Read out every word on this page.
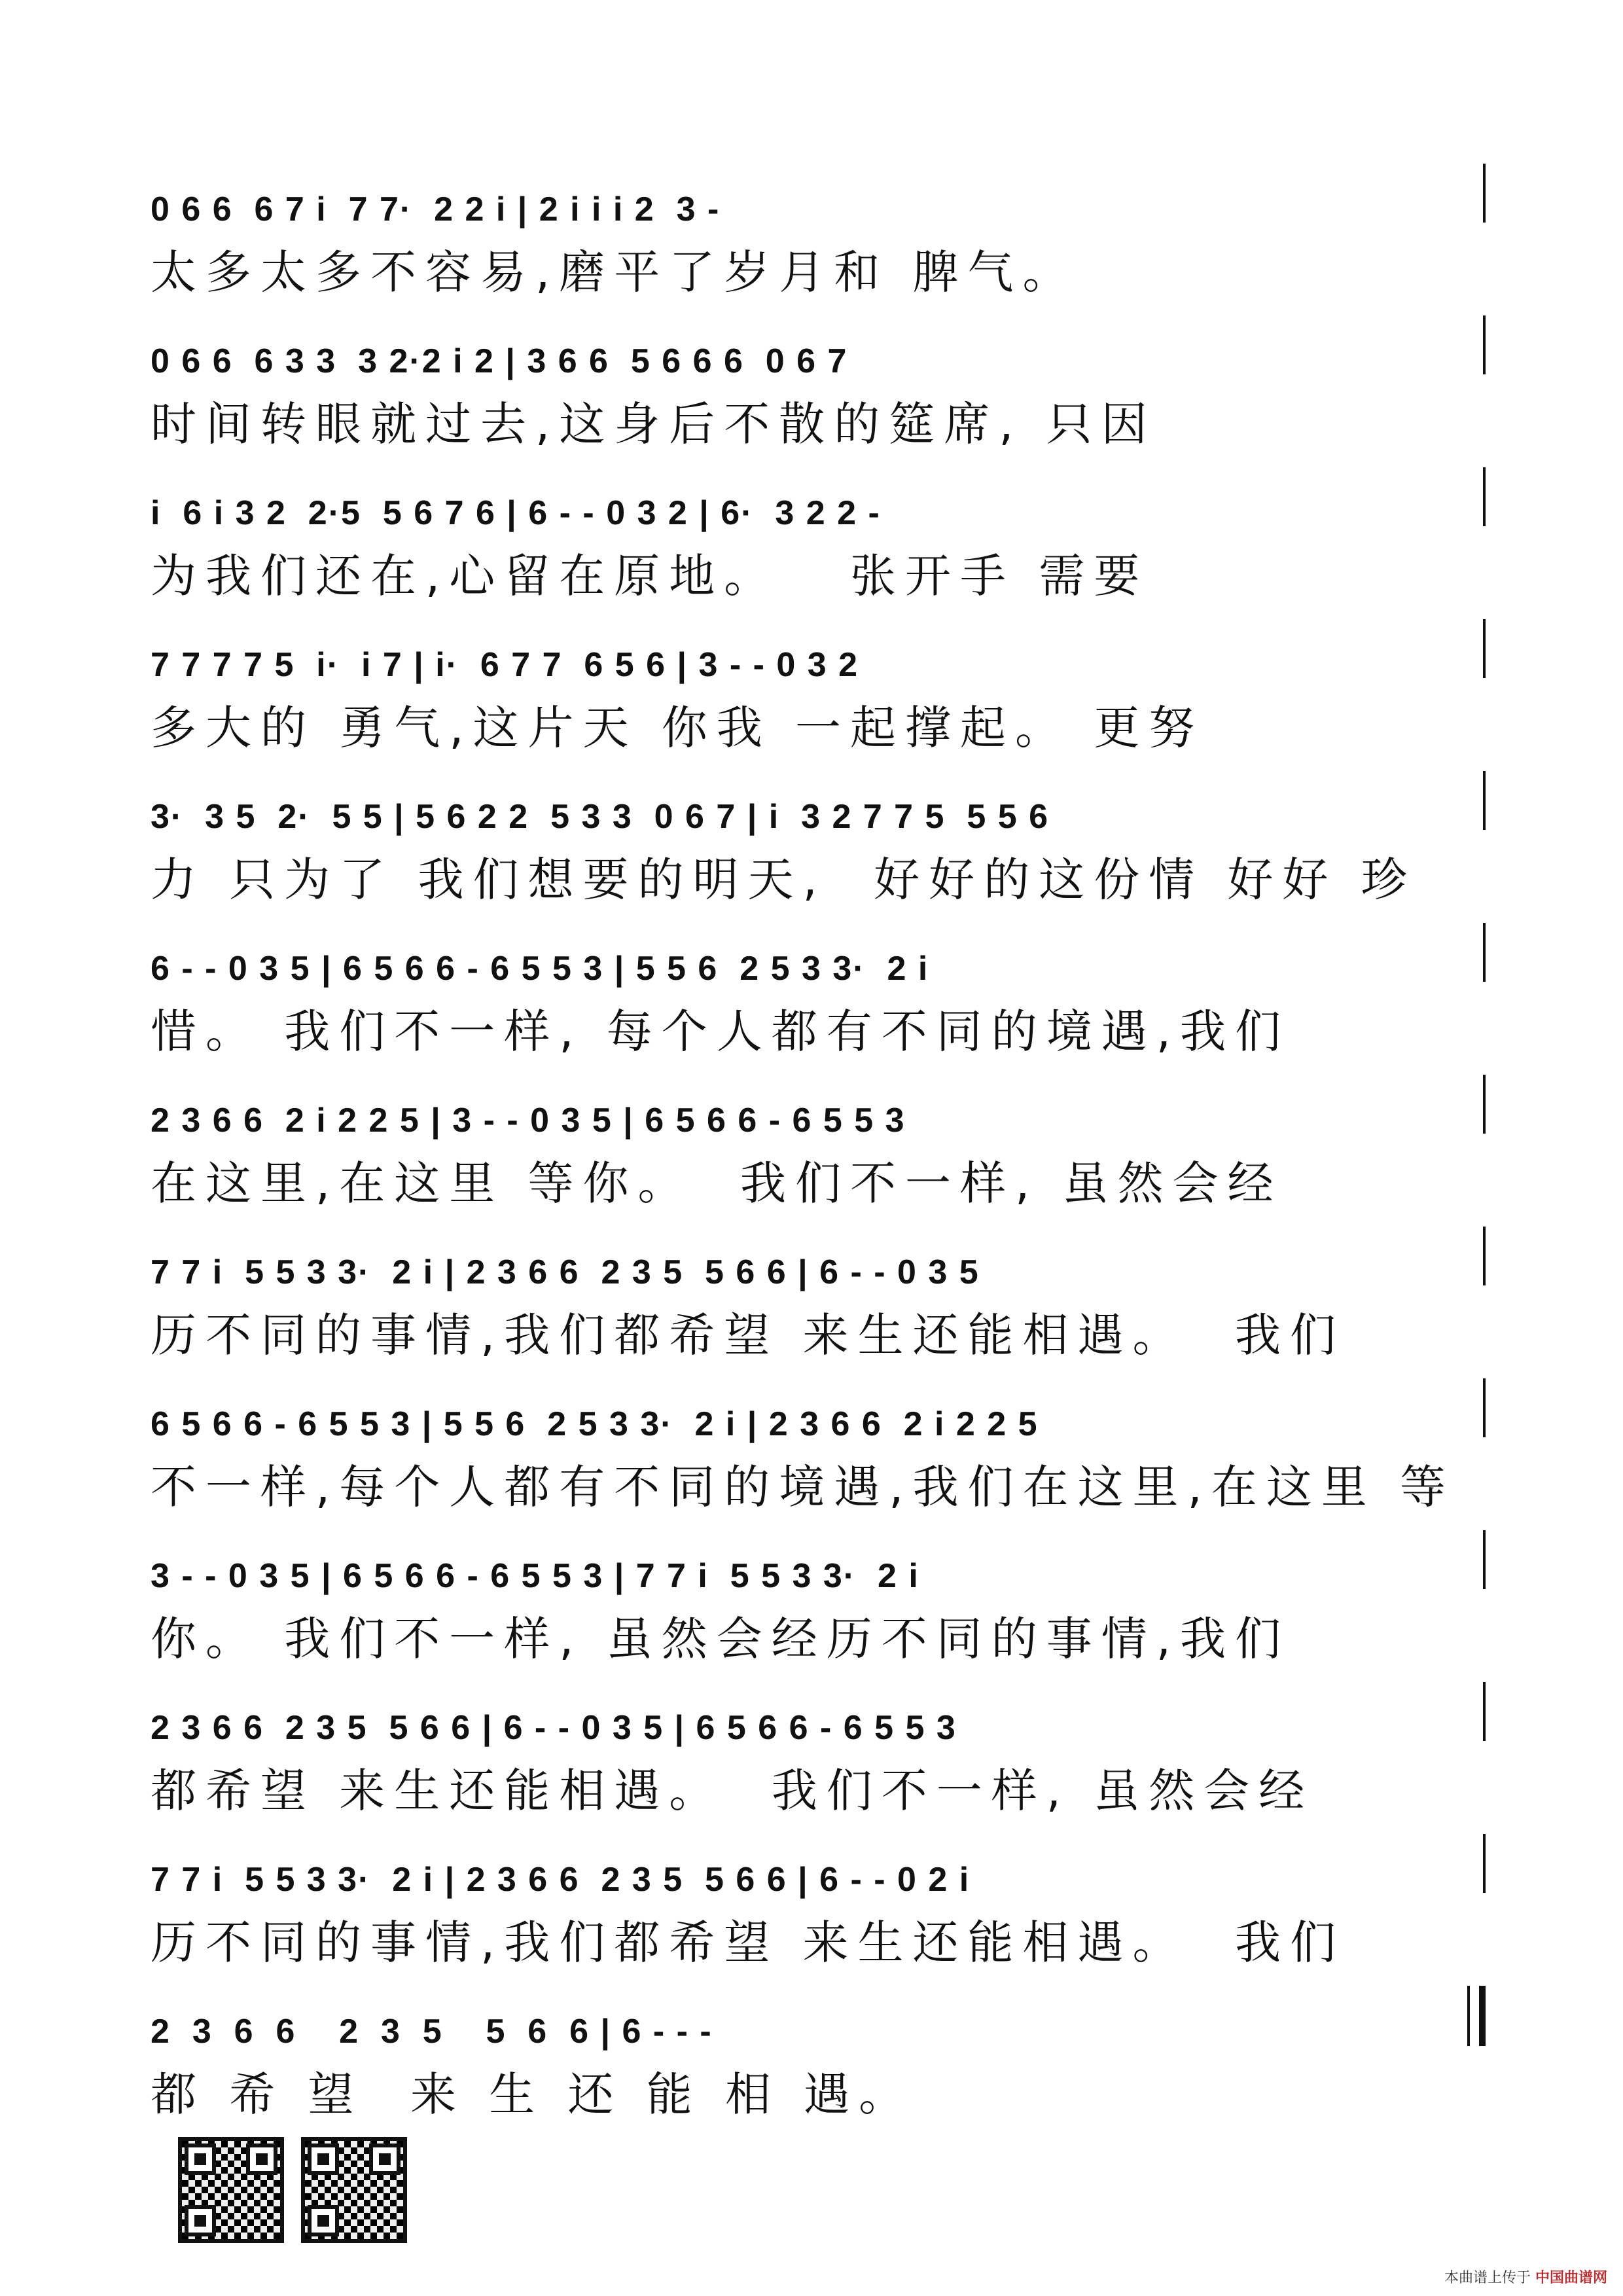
0 6 6  6 7 i  7 7·  2 2 i | 2 i i i 2  3 -
太多太多不容易,磨平了岁月和 脾气。
0 6 6  6 3 3  3 2·2 i 2 | 3 6 6  5 6 6 6  0 6 7
时间转眼就过去,这身后不散的筵席, 只因
i  6 i 3 2  2·5  5 6 7 6 | 6 - - 0 3 2 | 6·  3 2 2 -
为我们还在,心留在原地。   张开手 需要
7 7 7 7 5  i·  i 7 | i·  6 7 7  6 5 6 | 3 - - 0 3 2
多大的 勇气,这片天 你我 一起撑起。 更努
3·  3 5  2·  5 5 | 5 6 2 2  5 3 3  0 6 7 | i  3 2 7 7 5  5 5 6
力 只为了 我们想要的明天,  好好的这份情 好好 珍
6 - - 0 3 5 | 6 5 6 6 - 6 5 5 3 | 5 5 6  2 5 3 3·  2 i
惜。 我们不一样, 每个人都有不同的境遇,我们
2 3 6 6  2 i 2 2 5 | 3 - - 0 3 5 | 6 5 6 6 - 6 5 5 3
在这里,在这里 等你。  我们不一样, 虽然会经
7 7 i  5 5 3 3·  2 i | 2 3 6 6  2 3 5  5 6 6 | 6 - - 0 3 5
历不同的事情,我们都希望 来生还能相遇。  我们
6 5 6 6 - 6 5 5 3 | 5 5 6  2 5 3 3·  2 i | 2 3 6 6  2 i 2 2 5
不一样,每个人都有不同的境遇,我们在这里,在这里 等
3 - - 0 3 5 | 6 5 6 6 - 6 5 5 3 | 7 7 i  5 5 3 3·  2 i
你。 我们不一样, 虽然会经历不同的事情,我们
2 3 6 6  2 3 5  5 6 6 | 6 - - 0 3 5 | 6 5 6 6 - 6 5 5 3
都希望 来生还能相遇。  我们不一样, 虽然会经
7 7 i  5 5 3 3·  2 i | 2 3 6 6  2 3 5  5 6 6 | 6 - - 0 2 i
历不同的事情,我们都希望 来生还能相遇。  我们
2  3  6  6    2  3  5    5  6  6 | 6 - - -
都 希 望  来 生 还 能 相 遇。
本曲谱上传于 中国曲谱网
